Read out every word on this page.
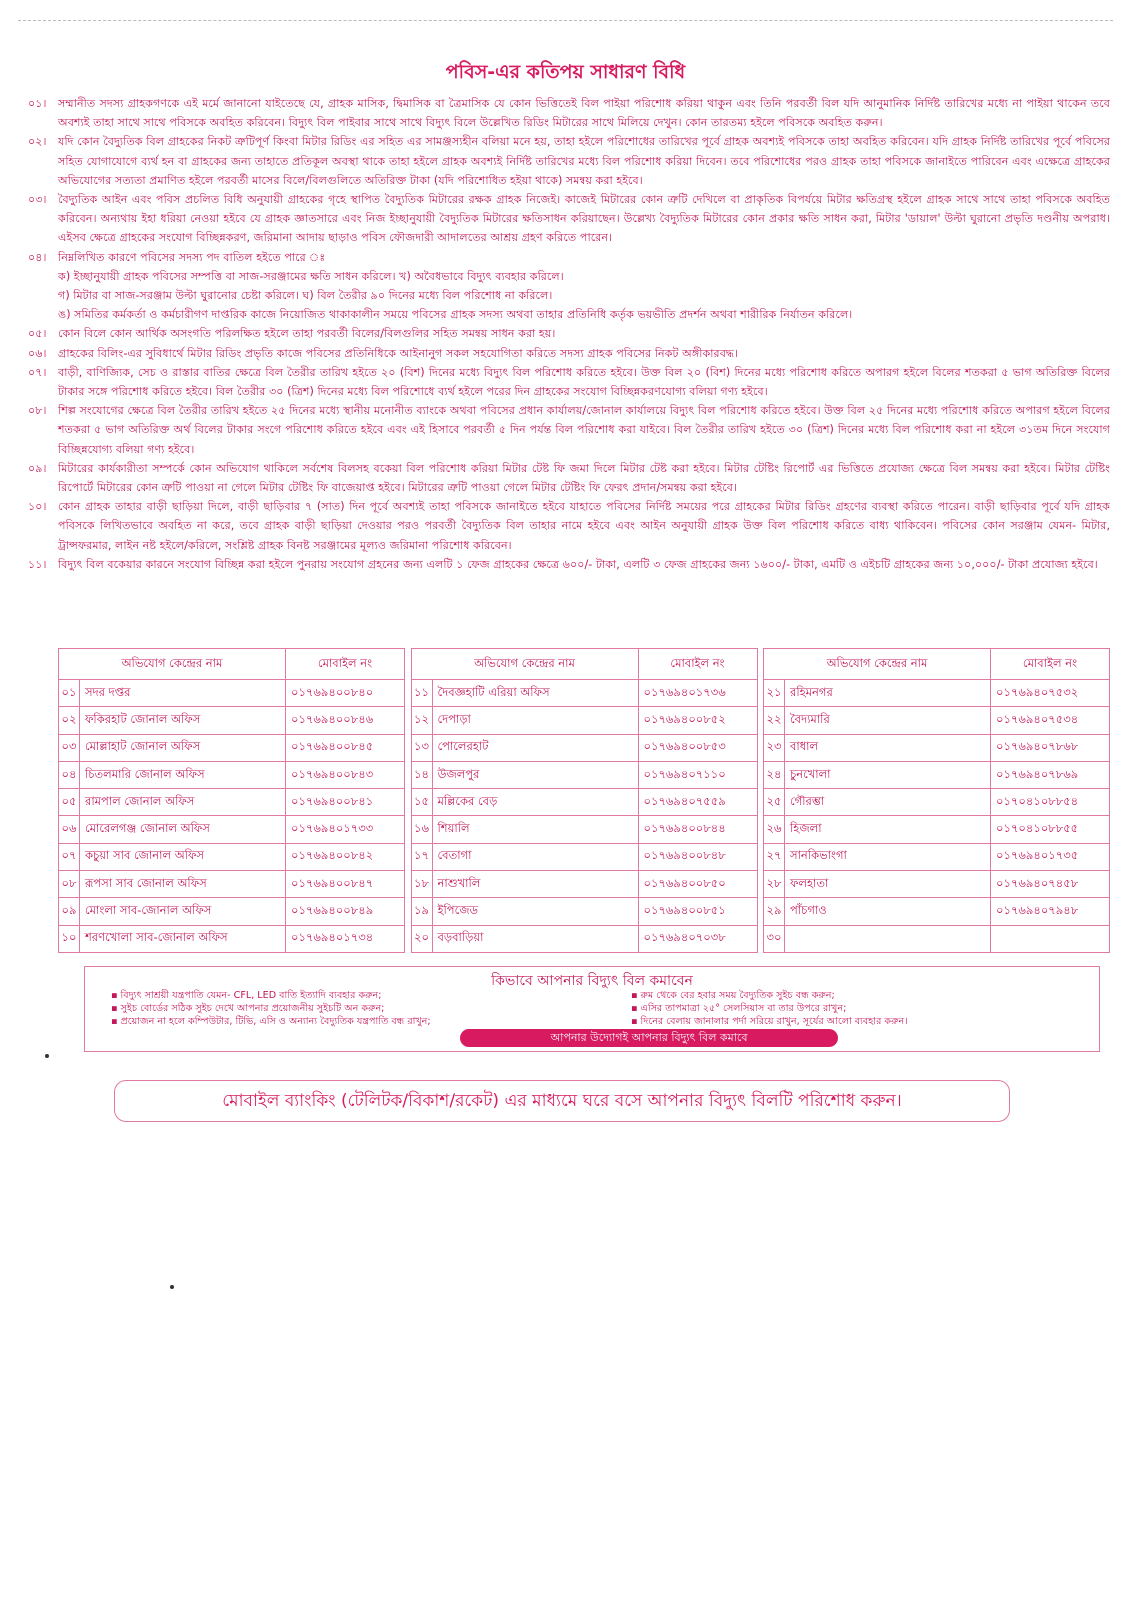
পবিস-এর কতিপয় সাধারণ বিধি
০১।	সম্মানীত সদস্য গ্রাহকগণকে এই মর্মে জানানো যাইতেছে যে, গ্রাহক মাসিক, দ্বিমাসিক বা ত্রৈমাসিক যে কোন ভিত্তিতেই বিল পাইয়া পরিশোধ করিয়া থাকুন এবং তিনি পরবর্তী বিল যদি আনুমানিক নির্দিষ্ট তারিখের মধ্যে না পাইয়া থাকেন তবে অবশ্যই তাহা সাথে সাথে পবিসকে অবহিত করিবেন। বিদ্যুৎ বিল পাইবার সাথে সাথে বিদ্যুৎ বিলে উল্লেখিত রিডিং মিটারের সাথে মিলিয়ে দেখুন। কোন তারতম্য হইলে পবিসকে অবহিত করুন।
০২।	যদি কোন বৈদ্যুতিক বিল গ্রাহকের নিকট ত্রুটিপূর্ণ কিংবা মিটার রিডিং এর সহিত এর সামঞ্জস্যহীন বলিয়া মনে হয়, তাহা হইলে পরিশোধের তারিখের পূর্বে গ্রাহক অবশ্যই পবিসকে তাহা অবহিত করিবেন। যদি গ্রাহক নির্দিষ্ট তারিখের পূর্বে পবিসের সহিত যোগাযোগে ব্যর্থ হন বা গ্রাহকের জন্য তাহাতে প্রতিকূল অবস্থা থাকে তাহা হইলে গ্রাহক অবশ্যই নির্দিষ্ট তারিখের মধ্যে বিল পরিশোধ করিয়া দিবেন। তবে পরিশোধের পরও গ্রাহক তাহা পবিসকে জানাইতে পারিবেন এবং এক্ষেত্রে গ্রাহকের অভিযোগের সত্যতা প্রমাণিত হইলে পরবর্তী মাসের বিলে/বিলগুলিতে অতিরিক্ত টাকা (যদি পরিশোধিত হইয়া থাকে) সমন্বয় করা হইবে।
০৩।	বৈদ্যুতিক আইন এবং পবিস প্রচলিত বিধি অনুযায়ী গ্রাহকের গৃহে স্থাপিত বৈদ্যুতিক মিটারের রক্ষক গ্রাহক নিজেই। কাজেই মিটারের কোন ত্রুটি দেখিলে বা প্রাকৃতিক বিপর্যয়ে মিটার ক্ষতিগ্রস্থ হইলে গ্রাহক সাথে সাথে তাহা পবিসকে অবহিত করিবেন। অন্যথায় ইহা ধরিয়া নেওয়া হইবে যে গ্রাহক জ্ঞাতসারে এবং নিজ ইচ্ছানুযায়ী বৈদ্যুতিক মিটারের ক্ষতিসাধন করিয়াছেন। উল্লেখ্য বৈদ্যুতিক মিটারের কোন প্রকার ক্ষতি সাধন করা, মিটার 'ডায়াল' উল্টা ঘুরানো প্রভৃতি দণ্ডনীয় অপরাধ। এইসব ক্ষেত্রে গ্রাহকের সংযোগ বিচ্ছিন্নকরণ, জরিমানা আদায় ছাড়াও পবিস ফৌজদারী আদালতের আশ্রয় গ্রহণ করিতে পারেন।
০৪।	নিম্নলিখিত কারণে পবিসের সদস্য পদ বাতিল হইতে পারে ঃ
ক) ইচ্ছানুযায়ী গ্রাহক পবিসের সম্পত্তি বা সাজ-সরঞ্জামের ক্ষতি সাধন করিলে। খ) অবৈধভাবে বিদ্যুৎ ব্যবহার করিলে।
গ) মিটার বা সাজ-সরঞ্জাম উল্টা ঘুরানোর চেষ্টা করিলে। ঘ) বিল তৈরীর ৯০ দিনের মধ্যে বিল পরিশোধ না করিলে।
ঙ) সমিতির কর্মকর্তা ও কর্মচারীগণ দাপ্তরিক কাজে নিয়োজিত থাকাকালীন সময়ে পবিসের গ্রাহক সদস্য অথবা তাহার প্রতিনিধি কর্তৃক ভয়ভীতি প্রদর্শন অথবা শারীরিক নির্যাতন করিলে।
০৫।	কোন বিলে কোন আর্থিক অসংগতি পরিলক্ষিত হইলে তাহা পরবর্তী বিলের/বিলগুলির সহিত সমন্বয় সাধন করা হয়।
০৬।	গ্রাহকের বিলিং-এর সুবিধার্থে মিটার রিডিং প্রভৃতি কাজে পবিসের প্রতিনিধিকে আইনানুগ সকল সহযোগিতা করিতে সদস্য গ্রাহক পবিসের নিকট অঙ্গীকারবদ্ধ।
০৭।	বাড়ী, বাণিজ্যিক, সেচ ও রাস্তার বাতির ক্ষেত্রে বিল তৈরীর তারিখ হইতে ২০ (বিশ) দিনের মধ্যে বিদ্যুৎ বিল পরিশোধ করিতে হইবে। উক্ত বিল ২০ (বিশ) দিনের মধ্যে পরিশোধ করিতে অপারগ হইলে বিলের শতকরা ৫ ভাগ অতিরিক্ত বিলের টাকার সঙ্গে পরিশোধ করিতে হইবে। বিল তৈরীর ৩০ (ত্রিশ) দিনের মধ্যে বিল পরিশোধে ব্যর্থ হইলে পরের দিন গ্রাহকের সংযোগ বিচ্ছিন্নকরণযোগ্য বলিয়া গণ্য হইবে।
০৮।	শিল্প সংযোগের ক্ষেত্রে বিল তৈরীর তারিখ হইতে ২৫ দিনের মধ্যে স্থানীয় মনোনীত ব্যাংকে অথবা পবিসের প্রধান কার্যালয়/জোনাল কার্যালয়ে বিদ্যুৎ বিল পরিশোধ করিতে হইবে। উক্ত বিল ২৫ দিনের মধ্যে পরিশোধ করিতে অপারগ হইলে বিলের শতকরা ৫ ভাগ অতিরিক্ত অর্থ বিলের টাকার সংগে পরিশোধ করিতে হইবে এবং এই হিসাবে পরবর্তী ৫ দিন পর্যন্ত বিল পরিশোধ করা যাইবে। বিল তৈরীর তারিখ হইতে ৩০ (ত্রিশ) দিনের মধ্যে বিল পরিশোধ করা না হইলে ৩১তম দিনে সংযোগ বিচ্ছিন্নযোগ্য বলিয়া গণ্য হইবে।
০৯।	মিটারের কার্যকারীতা সম্পর্কে কোন অভিযোগ থাকিলে সর্বশেষ বিলসহ বকেয়া বিল পরিশোধ করিয়া মিটার টেষ্ট ফি জমা দিলে মিটার টেষ্ট করা হইবে। মিটার টেষ্টিং রিপোর্ট এর ভিত্তিতে প্রযোজ্য ক্ষেত্রে বিল সমন্বয় করা হইবে। মিটার টেষ্টিং রিপোর্টে মিটারের কোন ত্রুটি পাওয়া না গেলে মিটার টেষ্টিং ফি বাজেয়াপ্ত হইবে। মিটারের ত্রুটি পাওয়া গেলে মিটার টেষ্টিং ফি ফেরৎ প্রদান/সমন্বয় করা হইবে।
১০।	কোন গ্রাহক তাহার বাড়ী ছাড়িয়া দিলে, বাড়ী ছাড়িবার ৭ (সাত) দিন পূর্বে অবশ্যই তাহা পবিসকে জানাইতে হইবে যাহাতে পবিসের নির্দিষ্ট সময়ের পরে গ্রাহকের মিটার রিডিং গ্রহণের ব্যবস্থা করিতে পারেন। বাড়ী ছাড়িবার পূর্বে যদি গ্রাহক পবিসকে লিখিতভাবে অবহিত না করে, তবে গ্রাহক বাড়ী ছাড়িয়া দেওয়ার পরও পরবর্তী বৈদ্যুতিক বিল তাহার নামে হইবে এবং আইন অনুযায়ী গ্রাহক উক্ত বিল পরিশোধ করিতে বাধ্য থাকিবেন। পবিসের কোন সরঞ্জাম যেমন- মিটার, ট্রান্সফরমার, লাইন নষ্ট হইলে/করিলে, সংশ্লিষ্ট গ্রাহক বিনষ্ট সরঞ্জামের মূল্যও জরিমানা পরিশোধ করিবেন।
১১।	বিদ্যুৎ বিল বকেয়ার কারনে সংযোগ বিচ্ছিন্ন করা হইলে পুনরায় সংযোগ গ্রহনের জন্য এলটি ১ ফেজ গ্রাহকের ক্ষেত্রে ৬০০/- টাকা, এলটি ৩ ফেজ গ্রাহকের জন্য ১৬০০/- টাকা, এমটি ও এইচটি গ্রাহকের জন্য ১০,০০০/- টাকা প্রযোজ্য হইবে।
অভিযোগ কেন্দ্রের নাম		মোবাইল নং
০১	সদর দপ্তর	০১৭৬৯৪০০৮৪০
০২	ফকিরহাট জোনাল অফিস	০১৭৬৯৪০০৮৪৬
০৩	মোল্লাহাট জোনাল অফিস	০১৭৬৯৪০০৮৪৫
০৪	চিতলমারি জোনাল অফিস	০১৭৬৯৪০০৮৪৩
০৫	রামপাল জোনাল অফিস	০১৭৬৯৪০০৮৪১
০৬	মোরেলগঞ্জ জোনাল অফিস	০১৭৬৯৪০১৭৩৩
০৭	কচুয়া সাব জোনাল অফিস	০১৭৬৯৪০০৮৪২
০৮	রূপসা সাব জোনাল অফিস	০১৭৬৯৪০০৮৪৭
০৯	মোংলা সাব-জোনাল অফিস	০১৭৬৯৪০০৮৪৯
১০	শরণখোলা সাব-জোনাল অফিস	০১৭৬৯৪০১৭৩৪
অভিযোগ কেন্দ্রের নাম		মোবাইল নং
১১	দৈবজ্ঞহাটি এরিয়া অফিস	০১৭৬৯৪০১৭৩৬
১২	দেপাড়া	০১৭৬৯৪০০৮৫২
১৩	পোলেরহাট	০১৭৬৯৪০০৮৫৩
১৪	উজলপুর	০১৭৬৯৪০৭১১০
১৫	মল্লিকের বেড়	০১৭৬৯৪০৭৫৫৯
১৬	শিয়ালি	০১৭৬৯৪০০৮৪৪
১৭	বেতাগা	০১৭৬৯৪০০৮৪৮
১৮	নাশুখালি	০১৭৬৯৪০০৮৫০
১৯	ইপিজেড	০১৭৬৯৪০০৮৫১
২০	বড়বাড়িয়া	০১৭৬৯৪০৭০৩৮
অভিযোগ কেন্দ্রের নাম		মোবাইল নং
২১	রহিমনগর	০১৭৬৯৪০৭৫৩২
২২	বৈদ্যমারি	০১৭৬৯৪০৭৫৩৪
২৩	বাধাল	০১৭৬৯৪০৭৮৬৮
২৪	চুনখোলা	০১৭৬৯৪০৭৮৬৯
২৫	গৌরম্ভা	০১৭০৪১০৮৮৫৪
২৬	হিজলা	০১৭০৪১০৮৮৫৫
২৭	সানকিভাংগা	০১৭৬৯৪০১৭৩৫
২৮	ফলহাতা	০১৭৬৯৪০৭৪৫৮
২৯	পাঁচগাও	০১৭৬৯৪০৭৯৪৮
৩০		
কিভাবে আপনার বিদ্যুৎ বিল কমাবেন
▪ বিদ্যুৎ সাশ্রয়ী যন্ত্রপাতি যেমন- CFL, LED বাতি ইত্যাদি ব্যবহার করুন;	▪ রুম থেকে বের হবার সময় বৈদ্যুতিক সুইচ বন্ধ করুন;
▪ সুইচ বোর্ডের সঠিক সুইচ দেখে আপনার প্রয়োজনীয় সুইচটি অন করুন;	▪ এসির তাপমাত্রা ২৫° সেলসিয়াস বা তার উপরে রাখুন;
▪ প্রয়োজন না হলে কম্পিউটার, টিভি, এসি ও অন্যান্য বৈদ্যুতিক যন্ত্রপাতি বন্ধ রাখুন;	▪ দিনের বেলায় জানালার পর্দা সরিয়ে রাখুন, সূর্যের আলো ব্যবহার করুন।
আপনার উদ্যোগই আপনার বিদ্যুৎ বিল কমাবে
মোবাইল ব্যাংকিং (টেলিটক/বিকাশ/রকেট) এর মাধ্যমে ঘরে বসে আপনার বিদ্যুৎ বিলটি পরিশোধ করুন।
